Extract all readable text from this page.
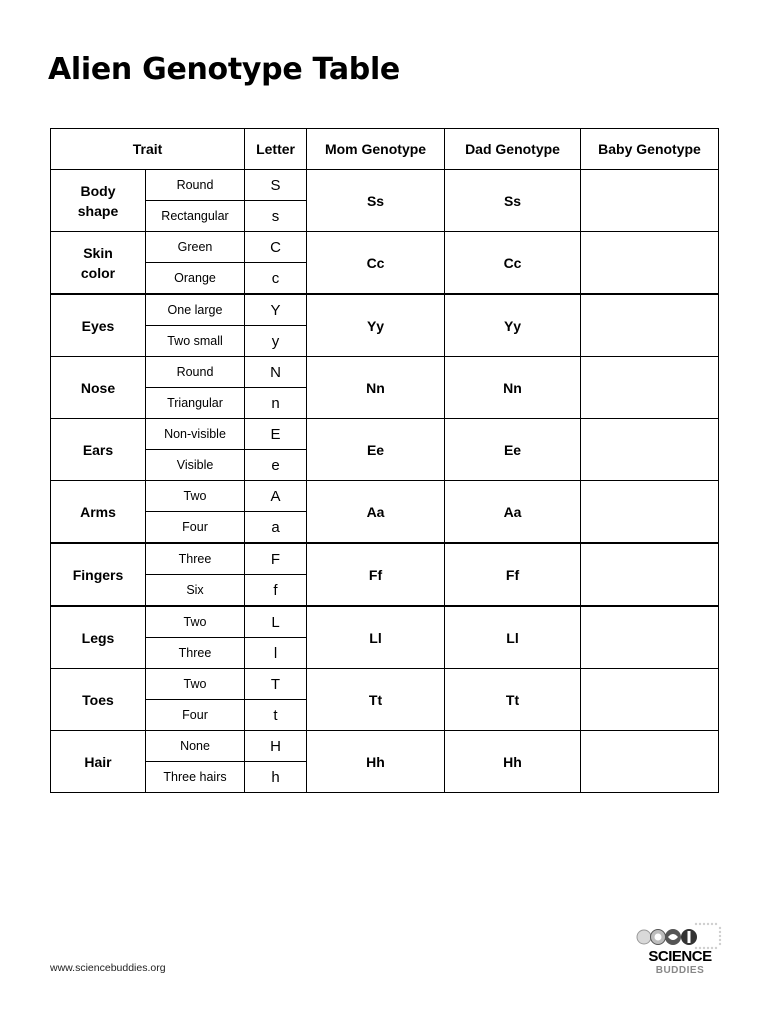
Alien Genotype Table
Trait		Letter	Mom Genotype	Dad Genotype	Baby Genotype
Body shape	Round	S	Ss	Ss	
	Rectangular	s			
Skin color	Green	C	Cc	Cc	
	Orange	c			
Eyes	One large	Y	Yy	Yy	
	Two small	y			
Nose	Round	N	Nn	Nn	
	Triangular	n			
Ears	Non-visible	E	Ee	Ee	
	Visible	e			
Arms	Two	A	Aa	Aa	
	Four	a			
Fingers	Three	F	Ff	Ff	
	Six	f			
Legs	Two	L	Ll	Ll	
	Three	l			
Toes	Two	T	Tt	Tt	
	Four	t			
Hair	None	H	Hh	Hh	
	Three hairs	h			
www.sciencebuddies.org
SCIENCE
BUDDIES
